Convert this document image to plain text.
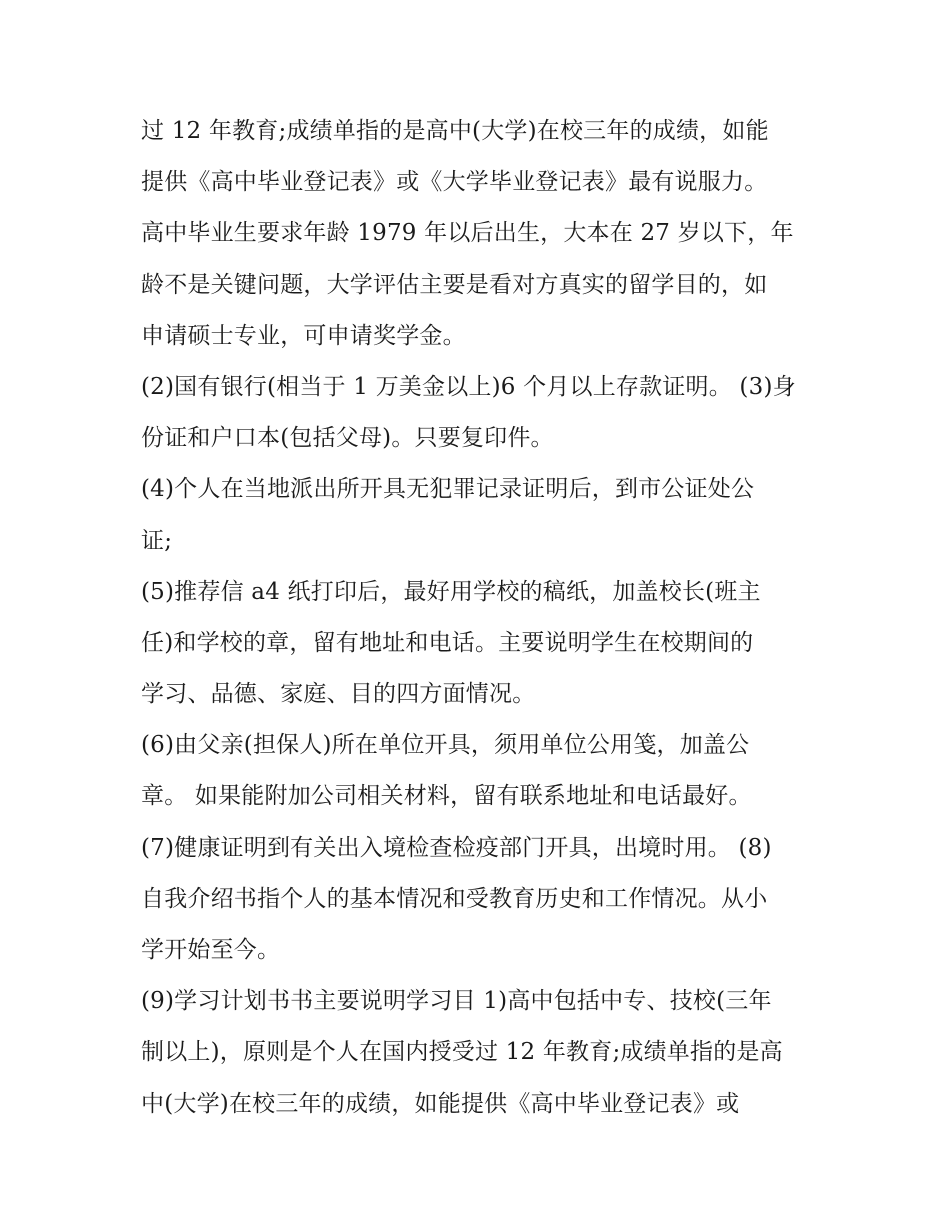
过 12 年教育;成绩单指的是高中(大学)在校三年的成绩，如能
提供《高中毕业登记表》或《大学毕业登记表》最有说服力。
高中毕业生要求年龄 1979 年以后出生，大本在 27 岁以下，年
龄不是关键问题，大学评估主要是看对方真实的留学目的，如
申请硕士专业，可申请奖学金。
(2)国有银行(相当于 1 万美金以上)6 个月以上存款证明。 (3)身
份证和户口本(包括父母)。只要复印件。
(4)个人在当地派出所开具无犯罪记录证明后，到市公证处公
证;
(5)推荐信 a4 纸打印后，最好用学校的稿纸，加盖校长(班主
任)和学校的章，留有地址和电话。主要说明学生在校期间的
学习、品德、家庭、目的四方面情况。
(6)由父亲(担保人)所在单位开具，须用单位公用笺，加盖公
章。 如果能附加公司相关材料，留有联系地址和电话最好。
(7)健康证明到有关出入境检查检疫部门开具，出境时用。 (8)
自我介绍书指个人的基本情况和受教育历史和工作情况。从小
学开始至今。
(9)学习计划书书主要说明学习目 1)高中包括中专、技校(三年
制以上)，原则是个人在国内授受过 12 年教育;成绩单指的是高
中(大学)在校三年的成绩，如能提供《高中毕业登记表》或
